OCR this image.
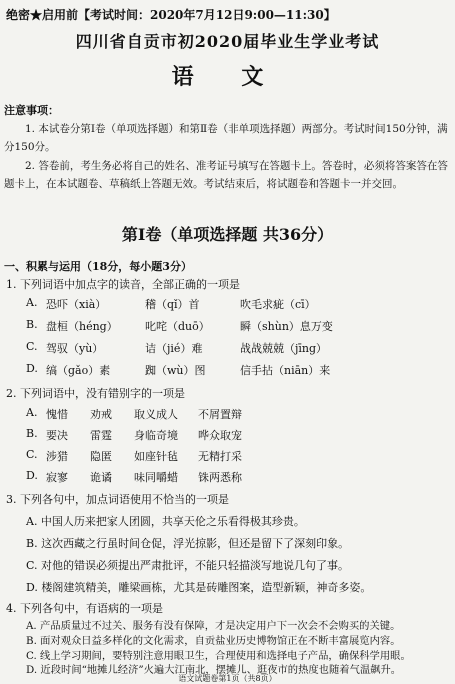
绝密★启用前【考试时间：2020年7月12日9:00—11:30】
四川省自贡市初2020届毕业生学业考试
语 文
注意事项：
1. 本试卷分第Ⅰ卷（单项选择题）和第Ⅱ卷（非单项选择题）两部分。考试时间150分钟，满分150分。
2. 答卷前，考生务必将自己的姓名、准考证号填写在答题卡上。答卷时，必须将答案答在答题卡上，在本试题卷、草稿纸上答题无效。考试结束后，将试题卷和答题卡一并交回。
第Ⅰ卷（单项选择题 共36分）
一、积累与运用（18分，每小题3分）
1. 下列词语中加点字的读音，全部正确的一项是
A. 恐吓（xià）	稽（qǐ）首	吹毛求疵（cī）
B. 盘桓（héng） 叱咤（duō）	瞬（shùn）息万变
C. 驾驭（yù）	诘（jié）难	战战兢兢（jīng）
D. 缟（gǎo）素	踟（wù）图	信手拈（niān）来
2. 下列词语中，没有错别字的一项是
A. 愧惜 劝戒 取义成人 不屑置辩
B. 要决 雷霆 身临奇境 哗众取宠
C. 涉猎 隐匿 如座针毡 无精打采
D. 寂寥 诡谲 味同嚼蜡 铢两悉称
3. 下列各句中，加点词语使用不恰当的一项是
A. 中国人历来把家人团圆，共享天伦之乐看得极其珍贵。
B. 这次西藏之行虽时间仓促，浮光掠影，但还是留下了深刻印象。
C. 对他的错误必须提出严肃批评，不能只轻描淡写地说几句了事。
D. 楼阁建筑精美，雕梁画栋，尤其是砖雕图案，造型新颖，神奇多姿。
4. 下列各句中，有语病的一项是
A. 产品质量过不过关、服务有没有保障，才是决定用户下一次会不会购买的关键。
B. 面对观众日益多样化的文化需求，自贡盐业历史博物馆正在不断丰富展览内容。
C. 线上学习期间，要特别注意用眼卫生，合理使用和选择电子产品，确保科学用眼。
D. 近段时间“地摊儿经济”火遍大江南北，摆摊儿、逛夜市的热度也随着气温飙升。
语文试题卷第1页（共8页）
